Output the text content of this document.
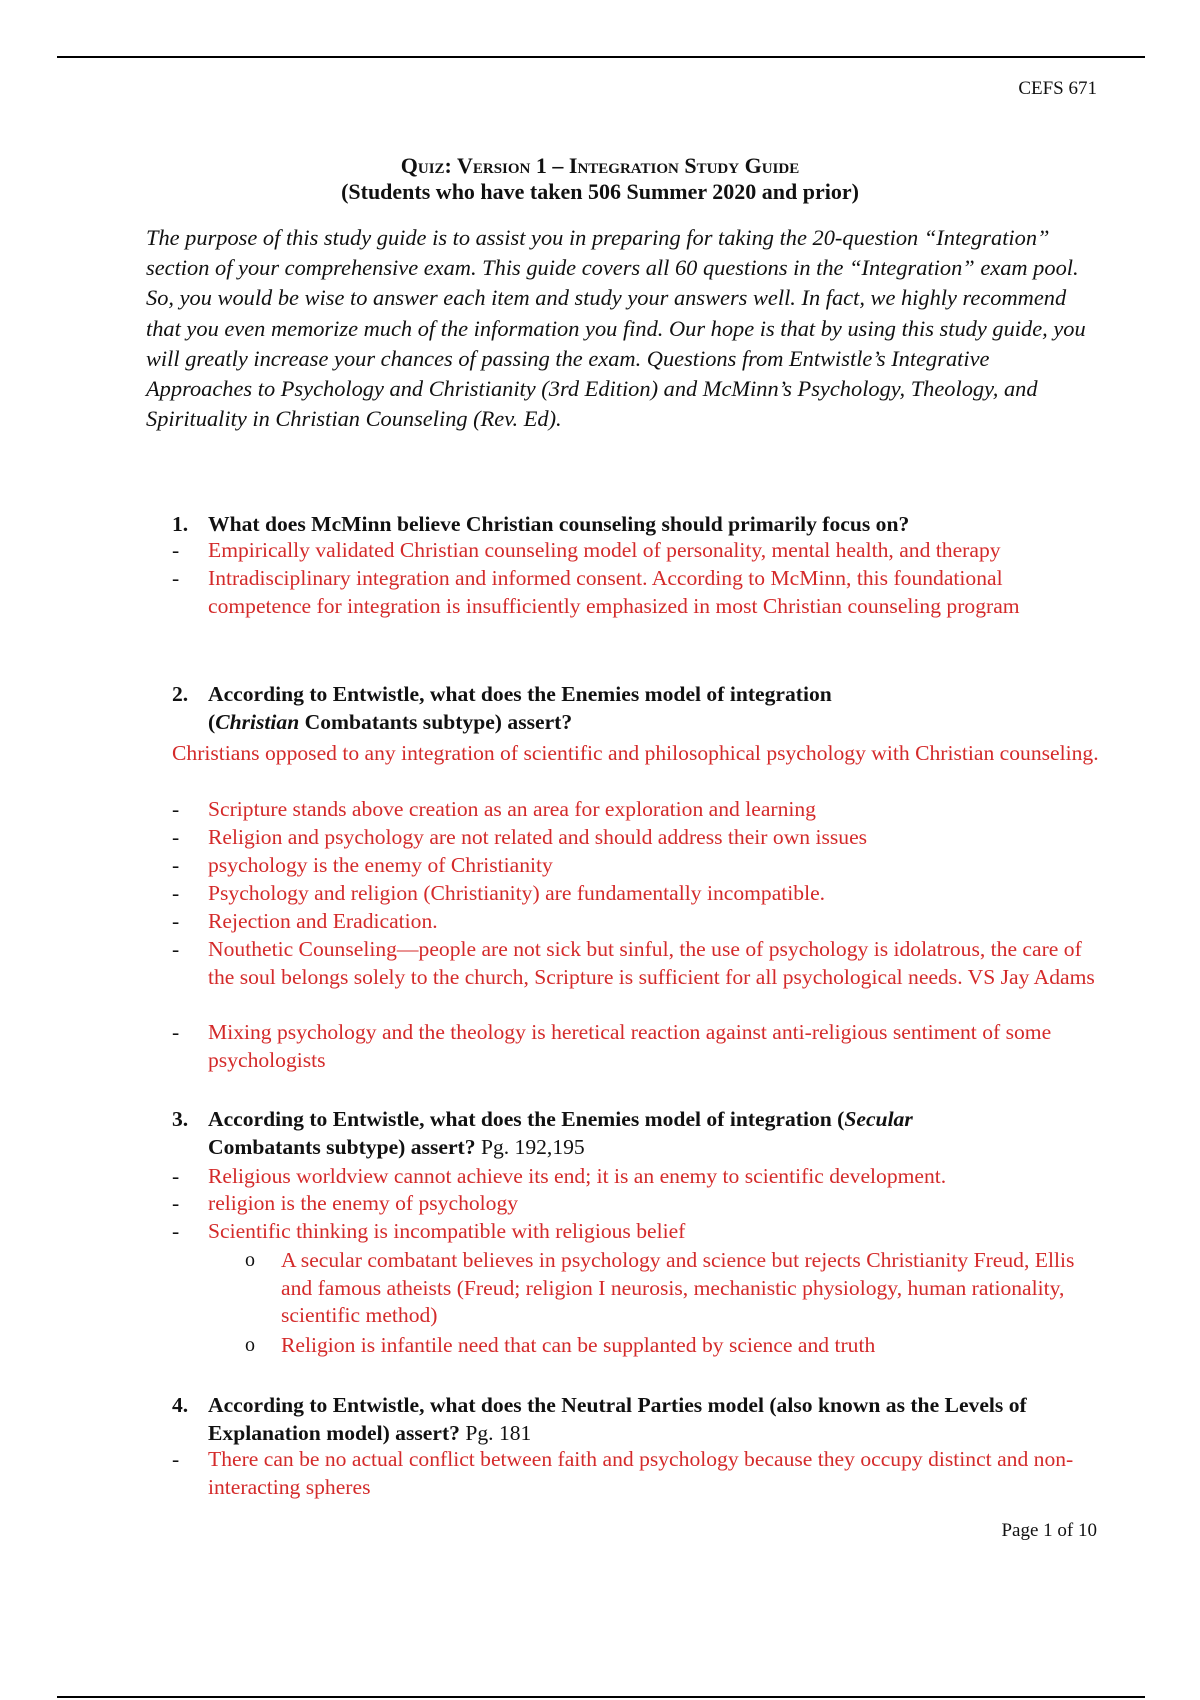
CEFS 671
Quiz: Version 1 – Integration Study Guide
(Students who have taken 506 Summer 2020 and prior)

The purpose of this study guide is to assist you in preparing for taking the 20-question “Integration” section of your comprehensive exam. This guide covers all 60 questions in the “Integration” exam pool. So, you would be wise to answer each item and study your answers well. In fact, we highly recommend that you even memorize much of the information you find. Our hope is that by using this study guide, you will greatly increase your chances of passing the exam. Questions from Entwistle’s Integrative Approaches to Psychology and Christianity (3rd Edition) and McMinn’s Psychology, Theology, and Spirituality in Christian Counseling (Rev. Ed).

1. What does McMinn believe Christian counseling should primarily focus on?
- Empirically validated Christian counseling model of personality, mental health, and therapy
- Intradisciplinary integration and informed consent. According to McMinn, this foundational competence for integration is insufficiently emphasized in most Christian counseling program
2. According to Entwistle, what does the Enemies model of integration
(Christian Combatants subtype) assert?
Christians opposed to any integration of scientific and philosophical psychology with Christian counseling.
- Scripture stands above creation as an area for exploration and learning
- Religion and psychology are not related and should address their own issues
- psychology is the enemy of Christianity
- Psychology and religion (Christianity) are fundamentally incompatible.
- Rejection and Eradication.
- Nouthetic Counseling—people are not sick but sinful, the use of psychology is idolatrous, the care of the soul belongs solely to the church, Scripture is sufficient for all psychological needs. VS Jay Adams
- Mixing psychology and the theology is heretical reaction against anti-religious sentiment of some psychologists
3. According to Entwistle, what does the Enemies model of integration (Secular
Combatants subtype) assert? Pg. 192,195
- Religious worldview cannot achieve its end; it is an enemy to scientific development.
- religion is the enemy of psychology
- Scientific thinking is incompatible with religious belief
o A secular combatant believes in psychology and science but rejects Christianity Freud, Ellis and famous atheists (Freud; religion I neurosis, mechanistic physiology, human rationality, scientific method)
o Religion is infantile need that can be supplanted by science and truth
4. According to Entwistle, what does the Neutral Parties model (also known as the Levels of Explanation model) assert? Pg. 181
- There can be no actual conflict between faith and psychology because they occupy distinct and non-interacting spheres
Page 1 of 10
